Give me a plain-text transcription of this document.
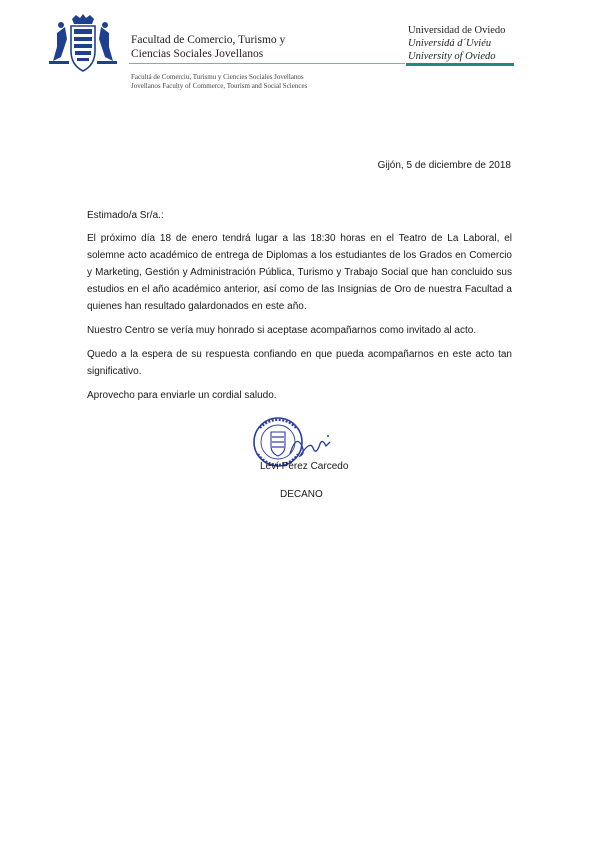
Facultad de Comercio, Turismo y
Ciencias Sociales Jovellanos
Universidad de Oviedo
Universidá d´Uviéu
University of Oviedo
Facultá de Comerciu, Turismu y Ciencies Sociales Jovellanos
Jovellanos Faculty of Commerce, Tourism and Social Sciences
Gijón, 5 de diciembre de 2018
Estimado/a Sr/a.:
El próximo día 18 de enero tendrá lugar a las 18:30 horas en el Teatro de La Laboral, el
solemne acto académico de entrega de Diplomas a los estudiantes de los Grados en Comercio
y Marketing, Gestión y Administración Pública, Turismo y Trabajo Social que han concluido sus
estudios en el año académico anterior, así como de las Insignias de Oro de nuestra Facultad a
quienes han resultado galardonados en este año.
Nuestro Centro se vería muy honrado si aceptase acompañarnos como invitado al acto.
Quedo a la espera de su respuesta confiando en que pueda acompañarnos en este acto tan
significativo.
Aprovecho para enviarle un cordial saludo.
Leví Pérez Carcedo
DECANO
